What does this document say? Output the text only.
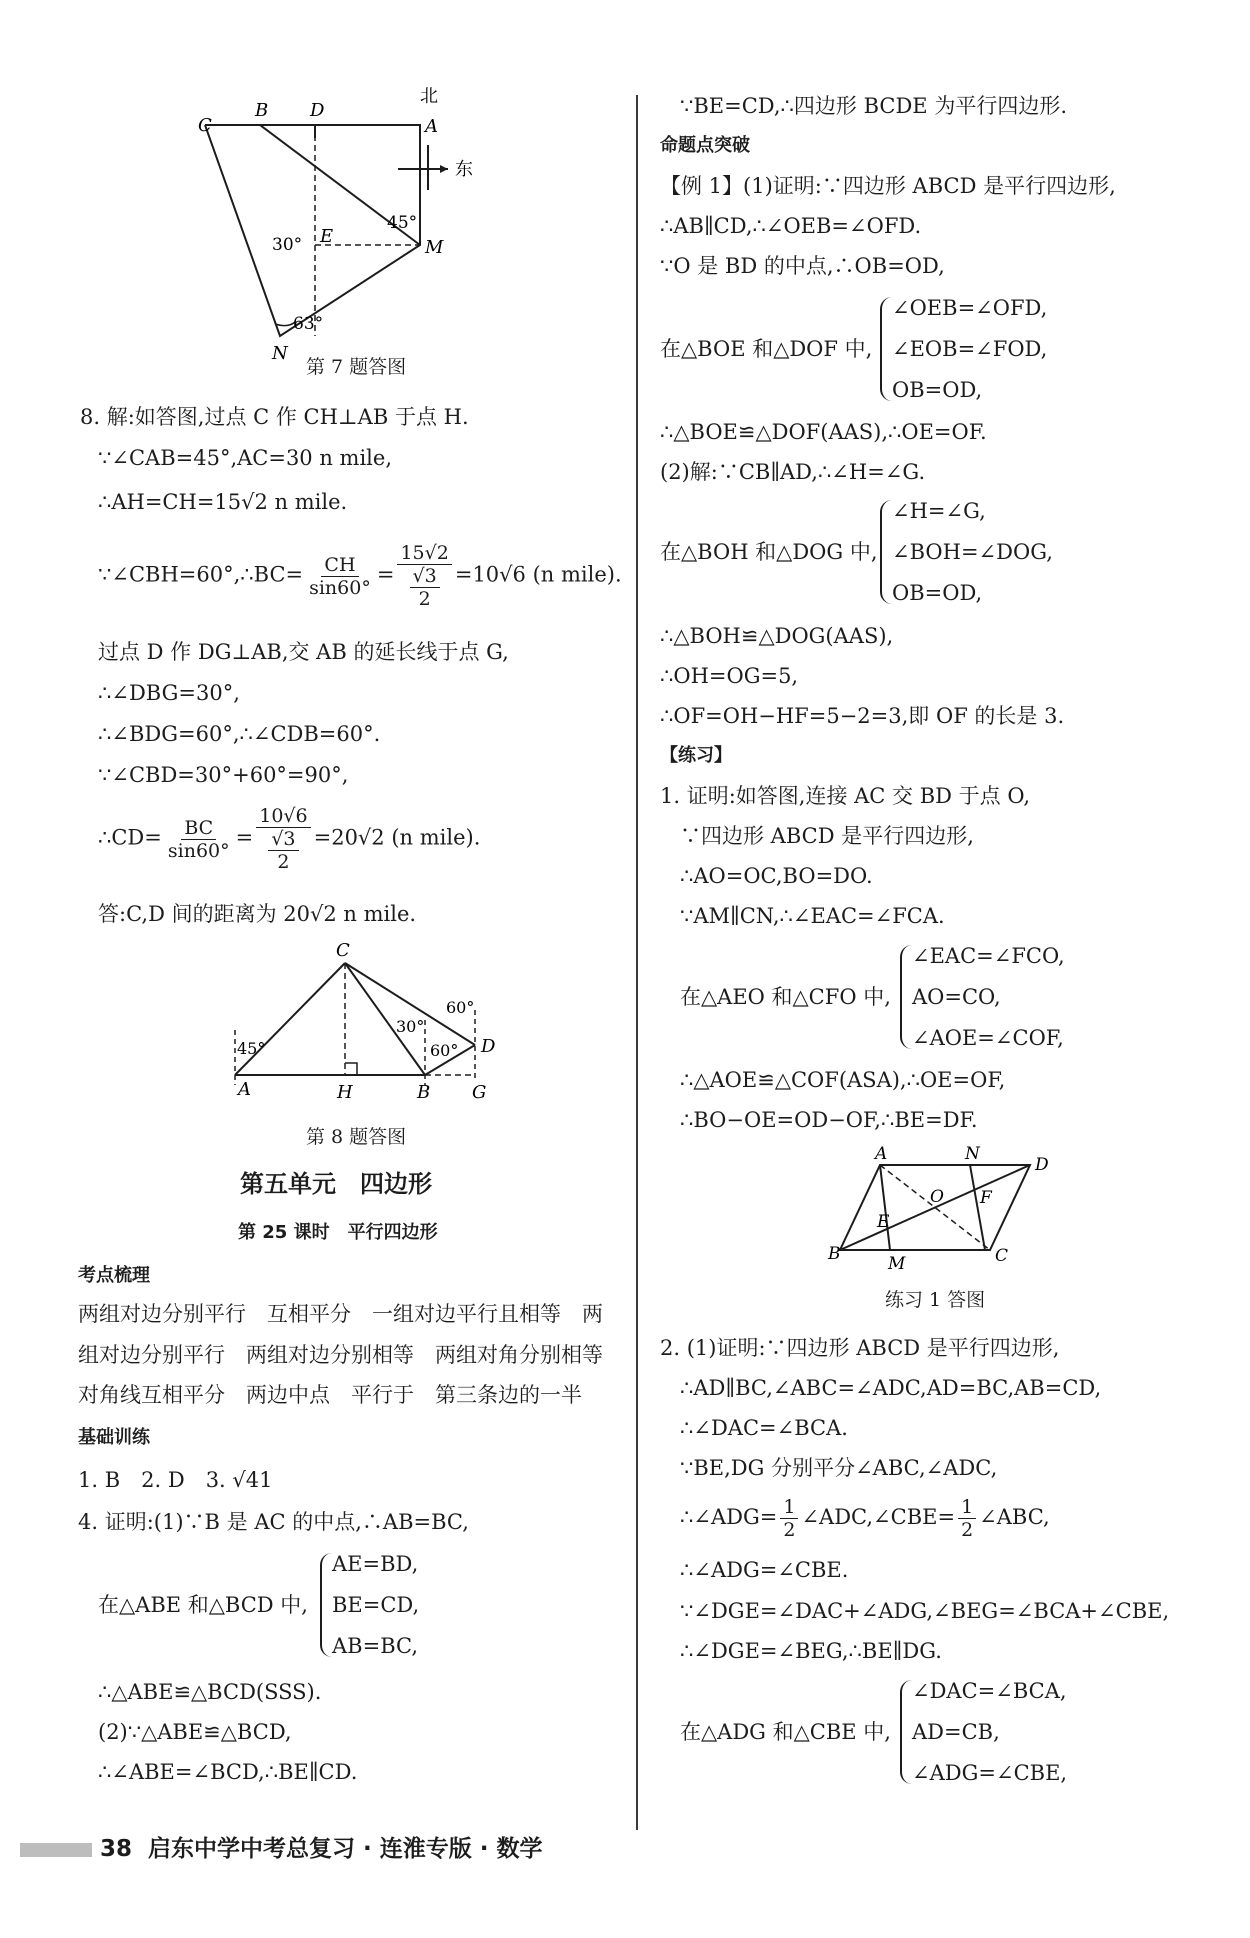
C
B D
A
E
M
N
北
东
45°
30°
63°
第 7 题答图
8. 解:如答图,过点 C 作 CH⊥AB 于点 H.
∵∠CAB=45°,AC=30 n mile,
∴AH=CH=15√2 n mile.
∵∠CBH=60°,∴BC= $\frac{CH}{\sin 60^\circ} = \frac{15√2}{\frac{√3}{2}} =10√6$ (n mile).
过点 D 作 DG⊥AB,交 AB 的延长线于点 G,
∴∠DBG=30°,
∴∠BDG=60°,∴∠CDB=60°.
∵∠CBD=30°+60°=90°,
∴CD= $\frac{BC}{\sin 60^\circ} = \frac{10√6}{\frac{√3}{2}} =20√2$ (n mile).
答:C,D 间的距离为 20√2 n mile.
A	H	B G
C
D
45°
30°
60°
60°
第 8 题答图
第五单元　四边形
第 25 课时　平行四边形
考点梳理
两组对边分别平行　互相平分　一组对边平行且相等　两
组对边分别平行　两组对边分别相等　两组对角分别相等
对角线互相平分　两边中点　平行于　第三条边的一半
基础训练
1. B　2. D　3. √41
4. 证明:(1)∵B 是 AC 的中点,∴AB=BC,
在△ABE 和△BCD 中,
AE=BD,
BE=CD,
AB=BC,
∴△ABE≌△BCD(SSS).
(2)∵△ABE≌△BCD,
∴∠ABE=∠BCD,∴BE∥CD.
∵BE=CD,∴四边形 BCDE 为平行四边形.
命题点突破
【例 1】(1)证明:∵四边形 ABCD 是平行四边形,
∴AB∥CD,∴∠OEB=∠OFD.
∵O 是 BD 的中点,∴OB=OD,
在△BOE 和△DOF 中,
∠OEB=∠OFD,
∠EOB=∠FOD,
OB=OD,
∴△BOE≌△DOF(AAS),∴OE=OF.
(2)解:∵CB∥AD,∴∠H=∠G.
在△BOH 和△DOG 中,
∠H=∠G,
∠BOH=∠DOG,
OB=OD,
∴△BOH≌△DOG(AAS),
∴OH=OG=5,
∴OF=OH−HF=5−2=3,即 OF 的长是 3.
【练习】
1. 证明:如答图,连接 AC 交 BD 于点 O,
∵四边形 ABCD 是平行四边形,
∴AO=OC,BO=DO.
∵AM∥CN,∴∠EAC=∠FCA.
在△AEO 和△CFO 中,
∠EAC=∠FCO,
AO=CO,
∠AOE=∠COF,
∴△AOE≌△COF(ASA),∴OE=OF,
∴BO−OE=OD−OF,∴BE=DF.
A	N
D
O F
E
B	M	C
练习 1 答图
2. (1)证明:∵四边形 ABCD 是平行四边形,
∴AD∥BC,∠ABC=∠ADC,AD=BC,AB=CD,
∴∠DAC=∠BCA.
∵BE,DG 分别平分∠ABC,∠ADC,
∴∠ADG= $\frac{1}{2}$ ∠ADC,∠CBE= $\frac{1}{2}$ ∠ABC,
∴∠ADG=∠CBE.
∵∠DGE=∠DAC+∠ADG,∠BEG=∠BCA+∠CBE,
∴∠DGE=∠BEG,∴BE∥DG.
在△ADG 和△CBE 中,
∠DAC=∠BCA,
AD=CB,
∠ADG=∠CBE,
38 启东中学中考总复习 · 连淮专版 · 数学
